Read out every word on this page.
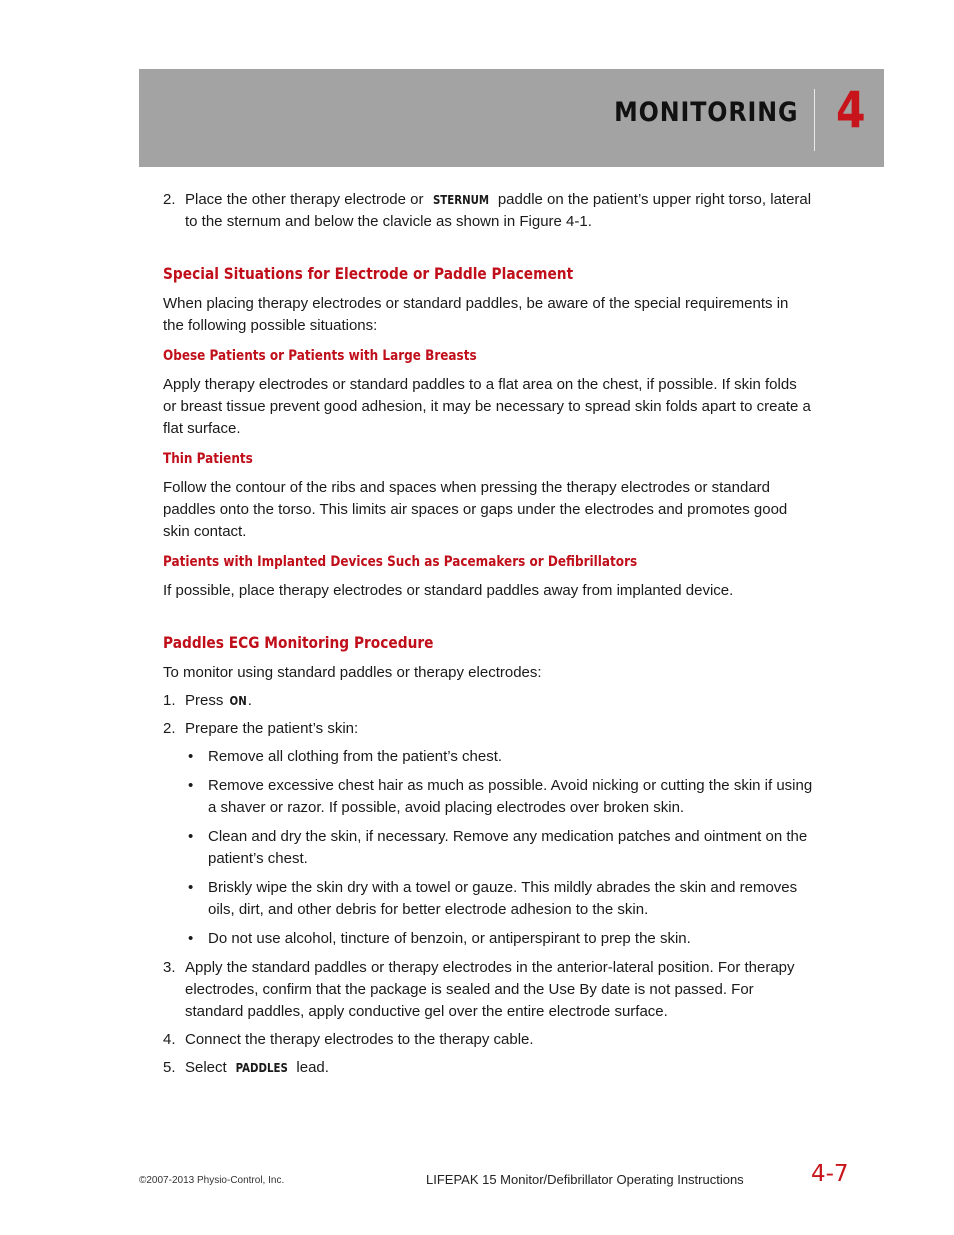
MONITORING 4
2. Place the other therapy electrode or STERNUM paddle on the patient’s upper right torso, lateral to the sternum and below the clavicle as shown in Figure 4-1.
Special Situations for Electrode or Paddle Placement

When placing therapy electrodes or standard paddles, be aware of the special requirements in the following possible situations:

Obese Patients or Patients with Large Breasts

Apply therapy electrodes or standard paddles to a flat area on the chest, if possible. If skin folds or breast tissue prevent good adhesion, it may be necessary to spread skin folds apart to create a flat surface.

Thin Patients

Follow the contour of the ribs and spaces when pressing the therapy electrodes or standard paddles onto the torso. This limits air spaces or gaps under the electrodes and promotes good skin contact.

Patients with Implanted Devices Such as Pacemakers or Defibrillators

If possible, place therapy electrodes or standard paddles away from implanted device.

Paddles ECG Monitoring Procedure

To monitor using standard paddles or therapy electrodes:

1. Press ON .
2. Prepare the patient’s skin:
• Remove all clothing from the patient’s chest.
• Remove excessive chest hair as much as possible. Avoid nicking or cutting the skin if using a shaver or razor. If possible, avoid placing electrodes over broken skin.
• Clean and dry the skin, if necessary. Remove any medication patches and ointment on the patient’s chest.
• Briskly wipe the skin dry with a towel or gauze. This mildly abrades the skin and removes oils, dirt, and other debris for better electrode adhesion to the skin.
• Do not use alcohol, tincture of benzoin, or antiperspirant to prep the skin.
3. Apply the standard paddles or therapy electrodes in the anterior-lateral position. For therapy electrodes, confirm that the package is sealed and the Use By date is not passed. For standard paddles, apply conductive gel over the entire electrode surface.
4. Connect the therapy electrodes to the therapy cable.
5. Select PADDLES lead.
©2007-2013 Physio-Control, Inc.	LIFEPAK 15 Monitor/Defibrillator Operating Instructions	4-7
